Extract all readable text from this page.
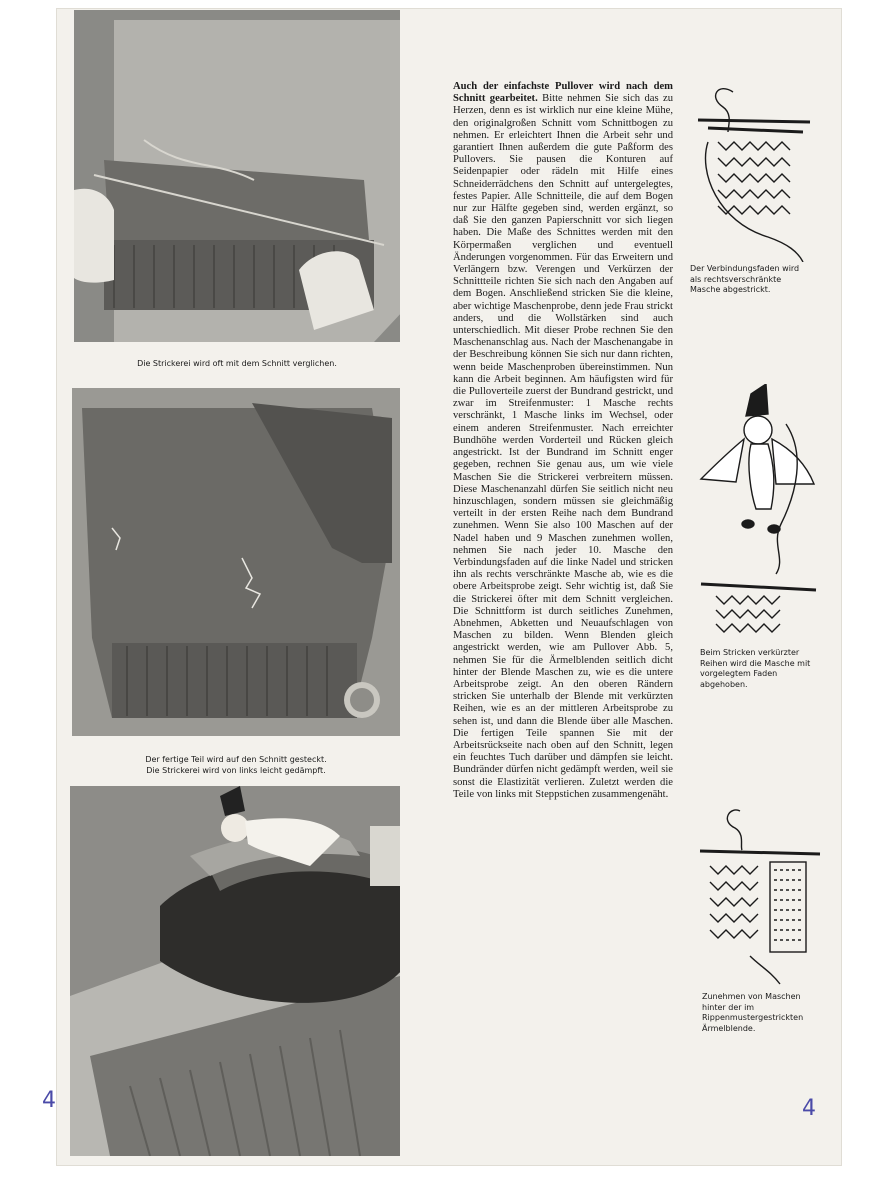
Die Strickerei wird oft mit dem Schnitt verglichen.
Der fertige Teil wird auf den Schnitt gesteckt.
Die Strickerei wird von links leicht gedämpft.
Auch der einfachste Pullover wird nach dem Schnitt gearbeitet. Bitte nehmen Sie sich das zu Herzen, denn es ist wirklich nur eine kleine Mühe, den originalgroßen Schnitt vom Schnittbogen zu nehmen. Er erleichtert Ihnen die Arbeit sehr und garantiert Ihnen außerdem die gute Paßform des Pullovers. Sie pausen die Konturen auf Seidenpapier oder rädeln mit Hilfe eines Schneiderrädchens den Schnitt auf untergelegtes, festes Papier. Alle Schnitteile, die auf dem Bogen nur zur Hälfte gegeben sind, werden ergänzt, so daß Sie den ganzen Papierschnitt vor sich liegen haben. Die Maße des Schnittes werden mit den Körpermaßen verglichen und eventuell Änderungen vorgenommen. Für das Erweitern und Verlängern bzw. Verengen und Verkürzen der Schnittteile richten Sie sich nach den Angaben auf dem Bogen. Anschließend stricken Sie die kleine, aber wichtige Maschenprobe, denn jede Frau strickt anders, und die Wollstärken sind auch unterschiedlich. Mit dieser Probe rechnen Sie den Maschenanschlag aus. Nach der Maschenangabe in der Beschreibung können Sie sich nur dann richten, wenn beide Maschenproben übereinstimmen. Nun kann die Arbeit beginnen. Am häufigsten wird für die Pulloverteile zuerst der Bundrand gestrickt, und zwar im Streifenmuster: 1 Masche rechts verschränkt, 1 Masche links im Wechsel, oder einem anderen Streifenmuster. Nach erreichter Bundhöhe werden Vorderteil und Rücken gleich angestrickt. Ist der Bundrand im Schnitt enger gegeben, rechnen Sie genau aus, um wie viele Maschen Sie die Strickerei verbreitern müssen. Diese Maschenanzahl dürfen Sie seitlich nicht neu hinzuschlagen, sondern müssen sie gleichmäßig verteilt in der ersten Reihe nach dem Bundrand zunehmen. Wenn Sie also 100 Maschen auf der Nadel haben und 9 Maschen zunehmen wollen, nehmen Sie nach jeder 10. Masche den Verbindungsfaden auf die linke Nadel und stricken ihn als rechts verschränkte Masche ab, wie es die obere Arbeitsprobe zeigt. Sehr wichtig ist, daß Sie die Strickerei öfter mit dem Schnitt vergleichen. Die Schnittform ist durch seitliches Zunehmen, Abnehmen, Abketten und Neuaufschlagen von Maschen zu bilden. Wenn Blenden gleich angestrickt werden, wie am Pullover Abb. 5, nehmen Sie für die Ärmelblenden seitlich dicht hinter der Blende Maschen zu, wie es die untere Arbeitsprobe zeigt. An den oberen Rändern stricken Sie unterhalb der Blende mit verkürzten Reihen, wie es an der mittleren Arbeitsprobe zu sehen ist, und dann die Blende über alle Maschen. Die fertigen Teile spannen Sie mit der Arbeitsrückseite nach oben auf den Schnitt, legen ein feuchtes Tuch darüber und dämpfen sie leicht. Bundränder dürfen nicht gedämpft werden, weil sie sonst die Elastizität verlieren. Zuletzt werden die Teile von links mit Steppstichen zusammengenäht.
Der Verbindungsfaden wird als rechtsverschränkte Masche abgestrickt.
Beim Stricken verkürzter Reihen wird die Masche mit vorgelegtem Faden abgehoben.
Zunehmen von Maschen hinter der im Rippenmustergestrickten Ärmelblende.
4	4
